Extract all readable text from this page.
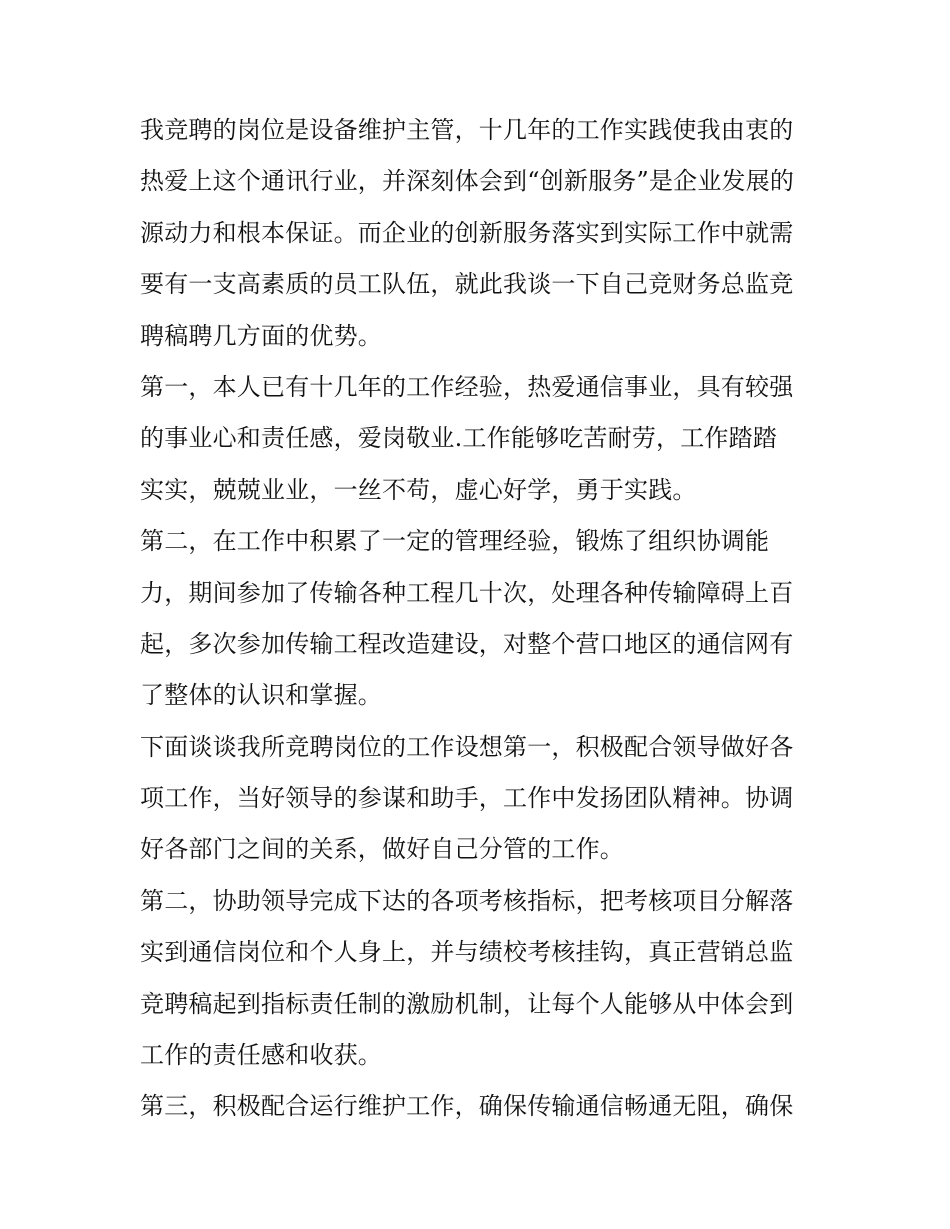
我竞聘的岗位是设备维护主管，十几年的工作实践使我由衷的
热爱上这个通讯行业，并深刻体会到“创新服务”是企业发展的
源动力和根本保证。而企业的创新服务落实到实际工作中就需
要有一支高素质的员工队伍，就此我谈一下自己竞财务总监竞
聘稿聘几方面的优势。
第一，本人已有十几年的工作经验，热爱通信事业，具有较强
的事业心和责任感，爱岗敬业.工作能够吃苦耐劳，工作踏踏
实实，兢兢业业，一丝不苟，虚心好学，勇于实践。
第二，在工作中积累了一定的管理经验，锻炼了组织协调能
力，期间参加了传输各种工程几十次，处理各种传输障碍上百
起，多次参加传输工程改造建设，对整个营口地区的通信网有
了整体的认识和掌握。
下面谈谈我所竞聘岗位的工作设想第一，积极配合领导做好各
项工作，当好领导的参谋和助手，工作中发扬团队精神。协调
好各部门之间的关系，做好自己分管的工作。
第二，协助领导完成下达的各项考核指标，把考核项目分解落
实到通信岗位和个人身上，并与绩校考核挂钩，真正营销总监
竞聘稿起到指标责任制的激励机制，让每个人能够从中体会到
工作的责任感和收获。
第三，积极配合运行维护工作，确保传输通信畅通无阻，确保
